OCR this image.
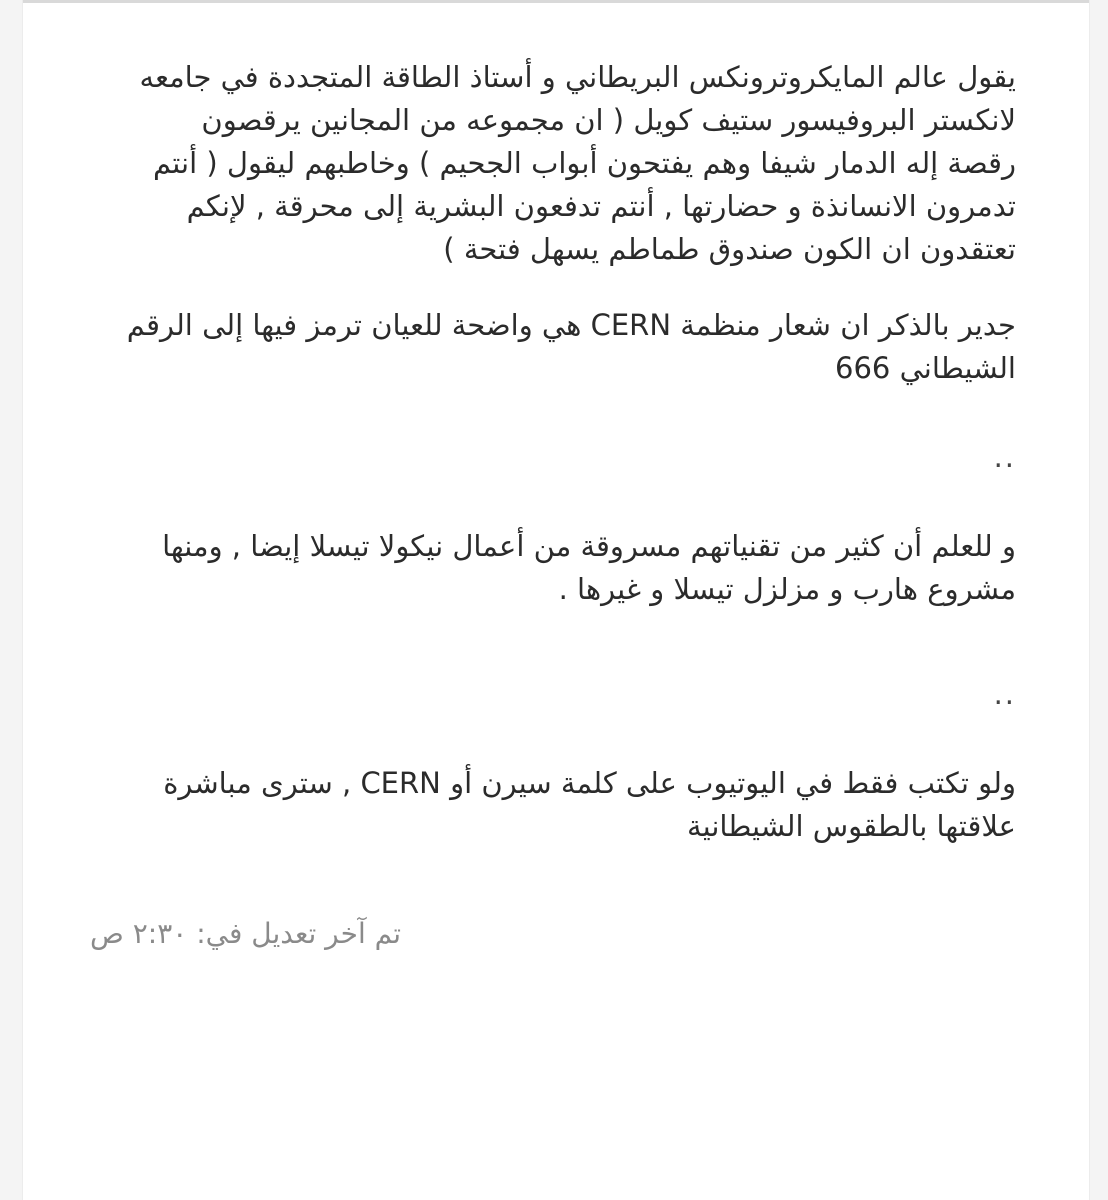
يقول عالم المايكروترونكس البريطاني و أستاذ الطاقة المتجددة في جامعه
لانكستر البروفيسور ستيف كويل ( ان مجموعه من المجانين يرقصون
رقصة إله الدمار شيفا وهم يفتحون أبواب الجحيم ) وخاطبهم ليقول ( أنتم
تدمرون الانسانذة و حضارتها , أنتم تدفعون البشرية إلى محرقة , لإنكم
تعتقدون ان الكون صندوق طماطم يسهل فتحة )

جدير بالذكر ان شعار منظمة CERN هي واضحة للعيان ترمز فيها إلى الرقم
الشيطاني 666

..

و للعلم أن كثير من تقنياتهم مسروقة من أعمال نيكولا تيسلا إيضا , ومنها
مشروع هارب و مزلزل تيسلا و غيرها .

..

ولو تكتب فقط في اليوتيوب على كلمة سيرن أو CERN , سترى مباشرة
علاقتها بالطقوس الشيطانية

تم آخر تعديل في: ٢:٣٠ ص
